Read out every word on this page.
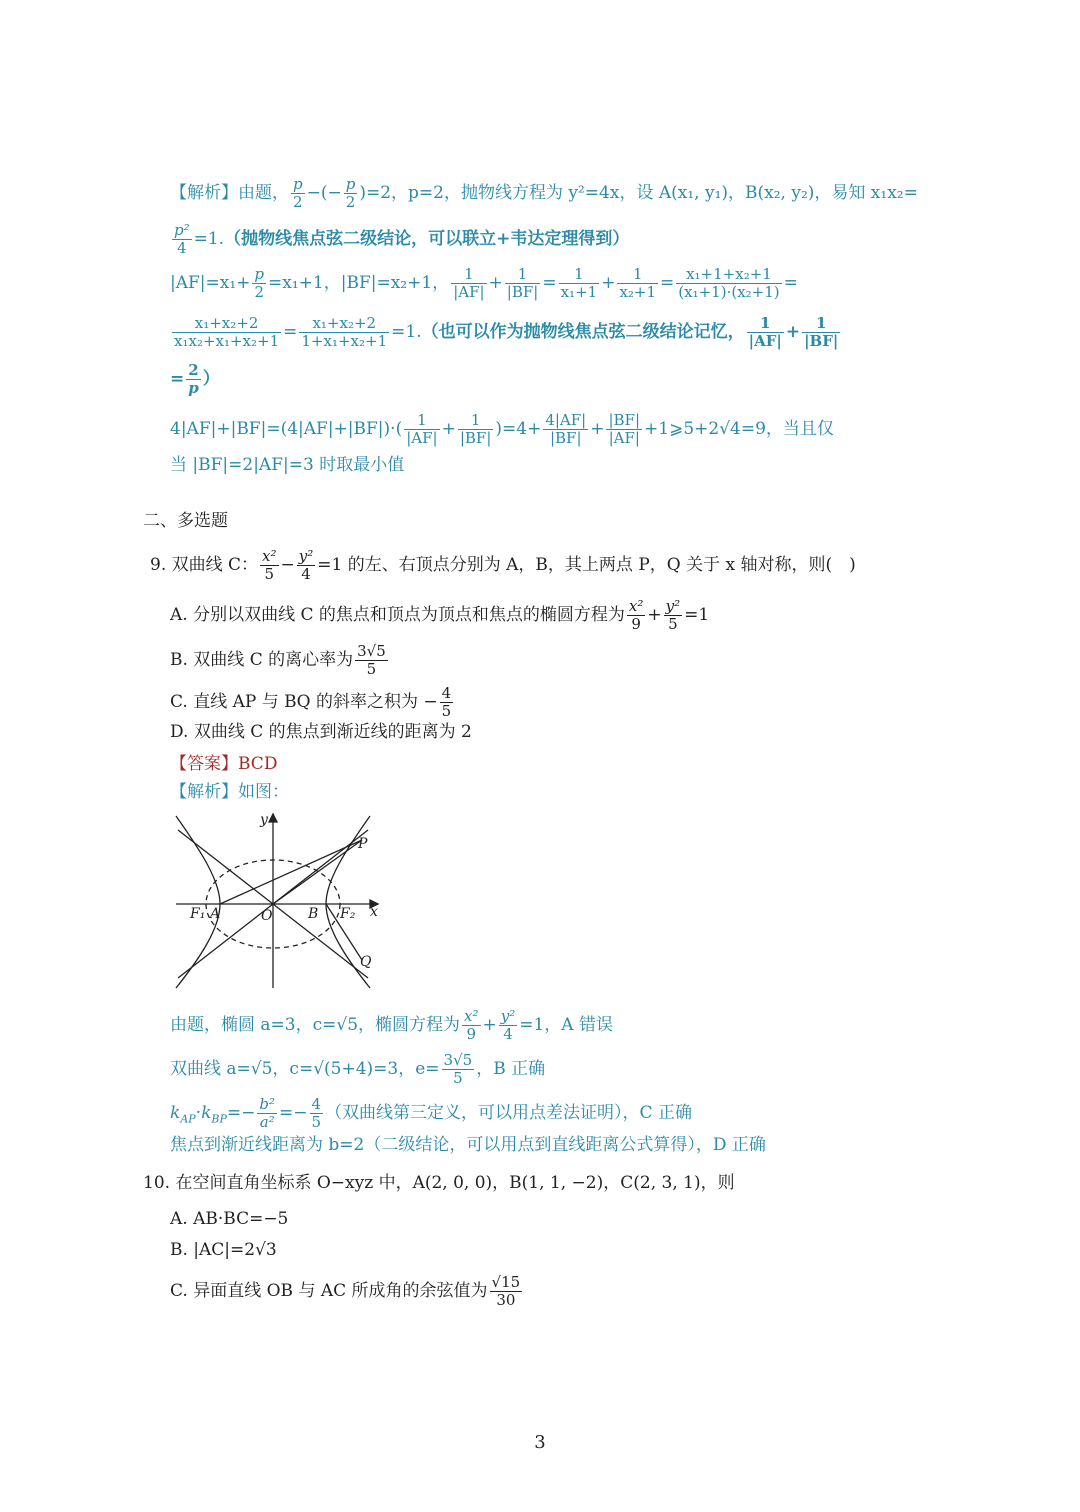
【解析】由题， $\frac{p}{2}$ −(− $\frac{p}{2} )=2$，p=2，抛物线方程为 y²=4x，设 A(x₁, y₁)，B(x₂, y₂)，易知 x₁x₂=
$\frac{\text{p²}}{4} =1$.（抛物线焦点弦二级结论，可以联立+韦达定理得到）
$|AF|=x_1+ \frac{p}{2} =x_1+1$，|BF|=x₂+1， $\frac{1}{|AF|} + \frac{1}{|BF|} = \frac{1}{\text{x₁+1}} + \frac{1}{\text{x₂+1}} = \frac{\text{x₁+1+x₂+1}}{\text{(x₁+1)·(x₂+1)}}$ =
$\frac{\text{x₁+x₂+2}}{\text{x₁x₂+x₁+x₂+1}} = \frac{\text{x₁+x₂+2}}{\text{1+x₁+x₂+1}} =1$.（也可以作为抛物线焦点弦二级结论记忆， $\frac{1}{|AF|} + \frac{1}{|BF|}$
= $\frac{2}{p}$ ）
$4|AF|+|BF|=(4|AF|+|BF|)\cdot( \frac{1}{|AF|} + \frac{1}{|BF|} )=4+ \frac{4|AF|}{|BF|} + \frac{|BF|}{|AF|}$ +1⩾5+2√4=9，当且仅
当 |BF|=2|AF|=3 时取最小值
二、多选题
9. 双曲线 C： $\frac{\text{x²}}{5} - \frac{\text{y²}}{4} =1$ 的左、右顶点分别为 A，B，其上两点 P，Q 关于 x 轴对称，则(　)
A. 分别以双曲线 C 的焦点和顶点为顶点和焦点的椭圆方程为 $\frac{\text{x²}}{9} + \frac{\text{y²}}{5} =1$
B. 双曲线 C 的离心率为 $\frac{3√5}{5}$
C. 直线 AP 与 BQ 的斜率之积为 − $\frac{4}{5}$
D. 双曲线 C 的焦点到渐近线的距离为 2
【答案】BCD
【解析】如图：
y
x
O
A	B
F₁	F₂
P
Q
由题，椭圆 a=3，c=√5，椭圆方程为 $\frac{\text{x²}}{9} + \frac{\text{y²}}{4} =1$，A 错误
双曲线 a=√5，c=√(5+4)=3，$e= \frac{3√5}{5}$ ，B 正确
$k_{AP}\cdot k_{BP}=- \frac{\text{b²}}{\text{a²}} =- \frac{4}{5}$ （双曲线第三定义，可以用点差法证明），C 正确
焦点到渐近线距离为 b=2（二级结论，可以用点到直线距离公式算得），D 正确
10. 在空间直角坐标系 O−xyz 中，A(2, 0, 0)，B(1, 1, −2)，C(2, 3, 1)，则
A. AB·BC=−5
B. |AC|=2√3
C. 异面直线 OB 与 AC 所成角的余弦值为 $\frac{√15}{30}$
3
